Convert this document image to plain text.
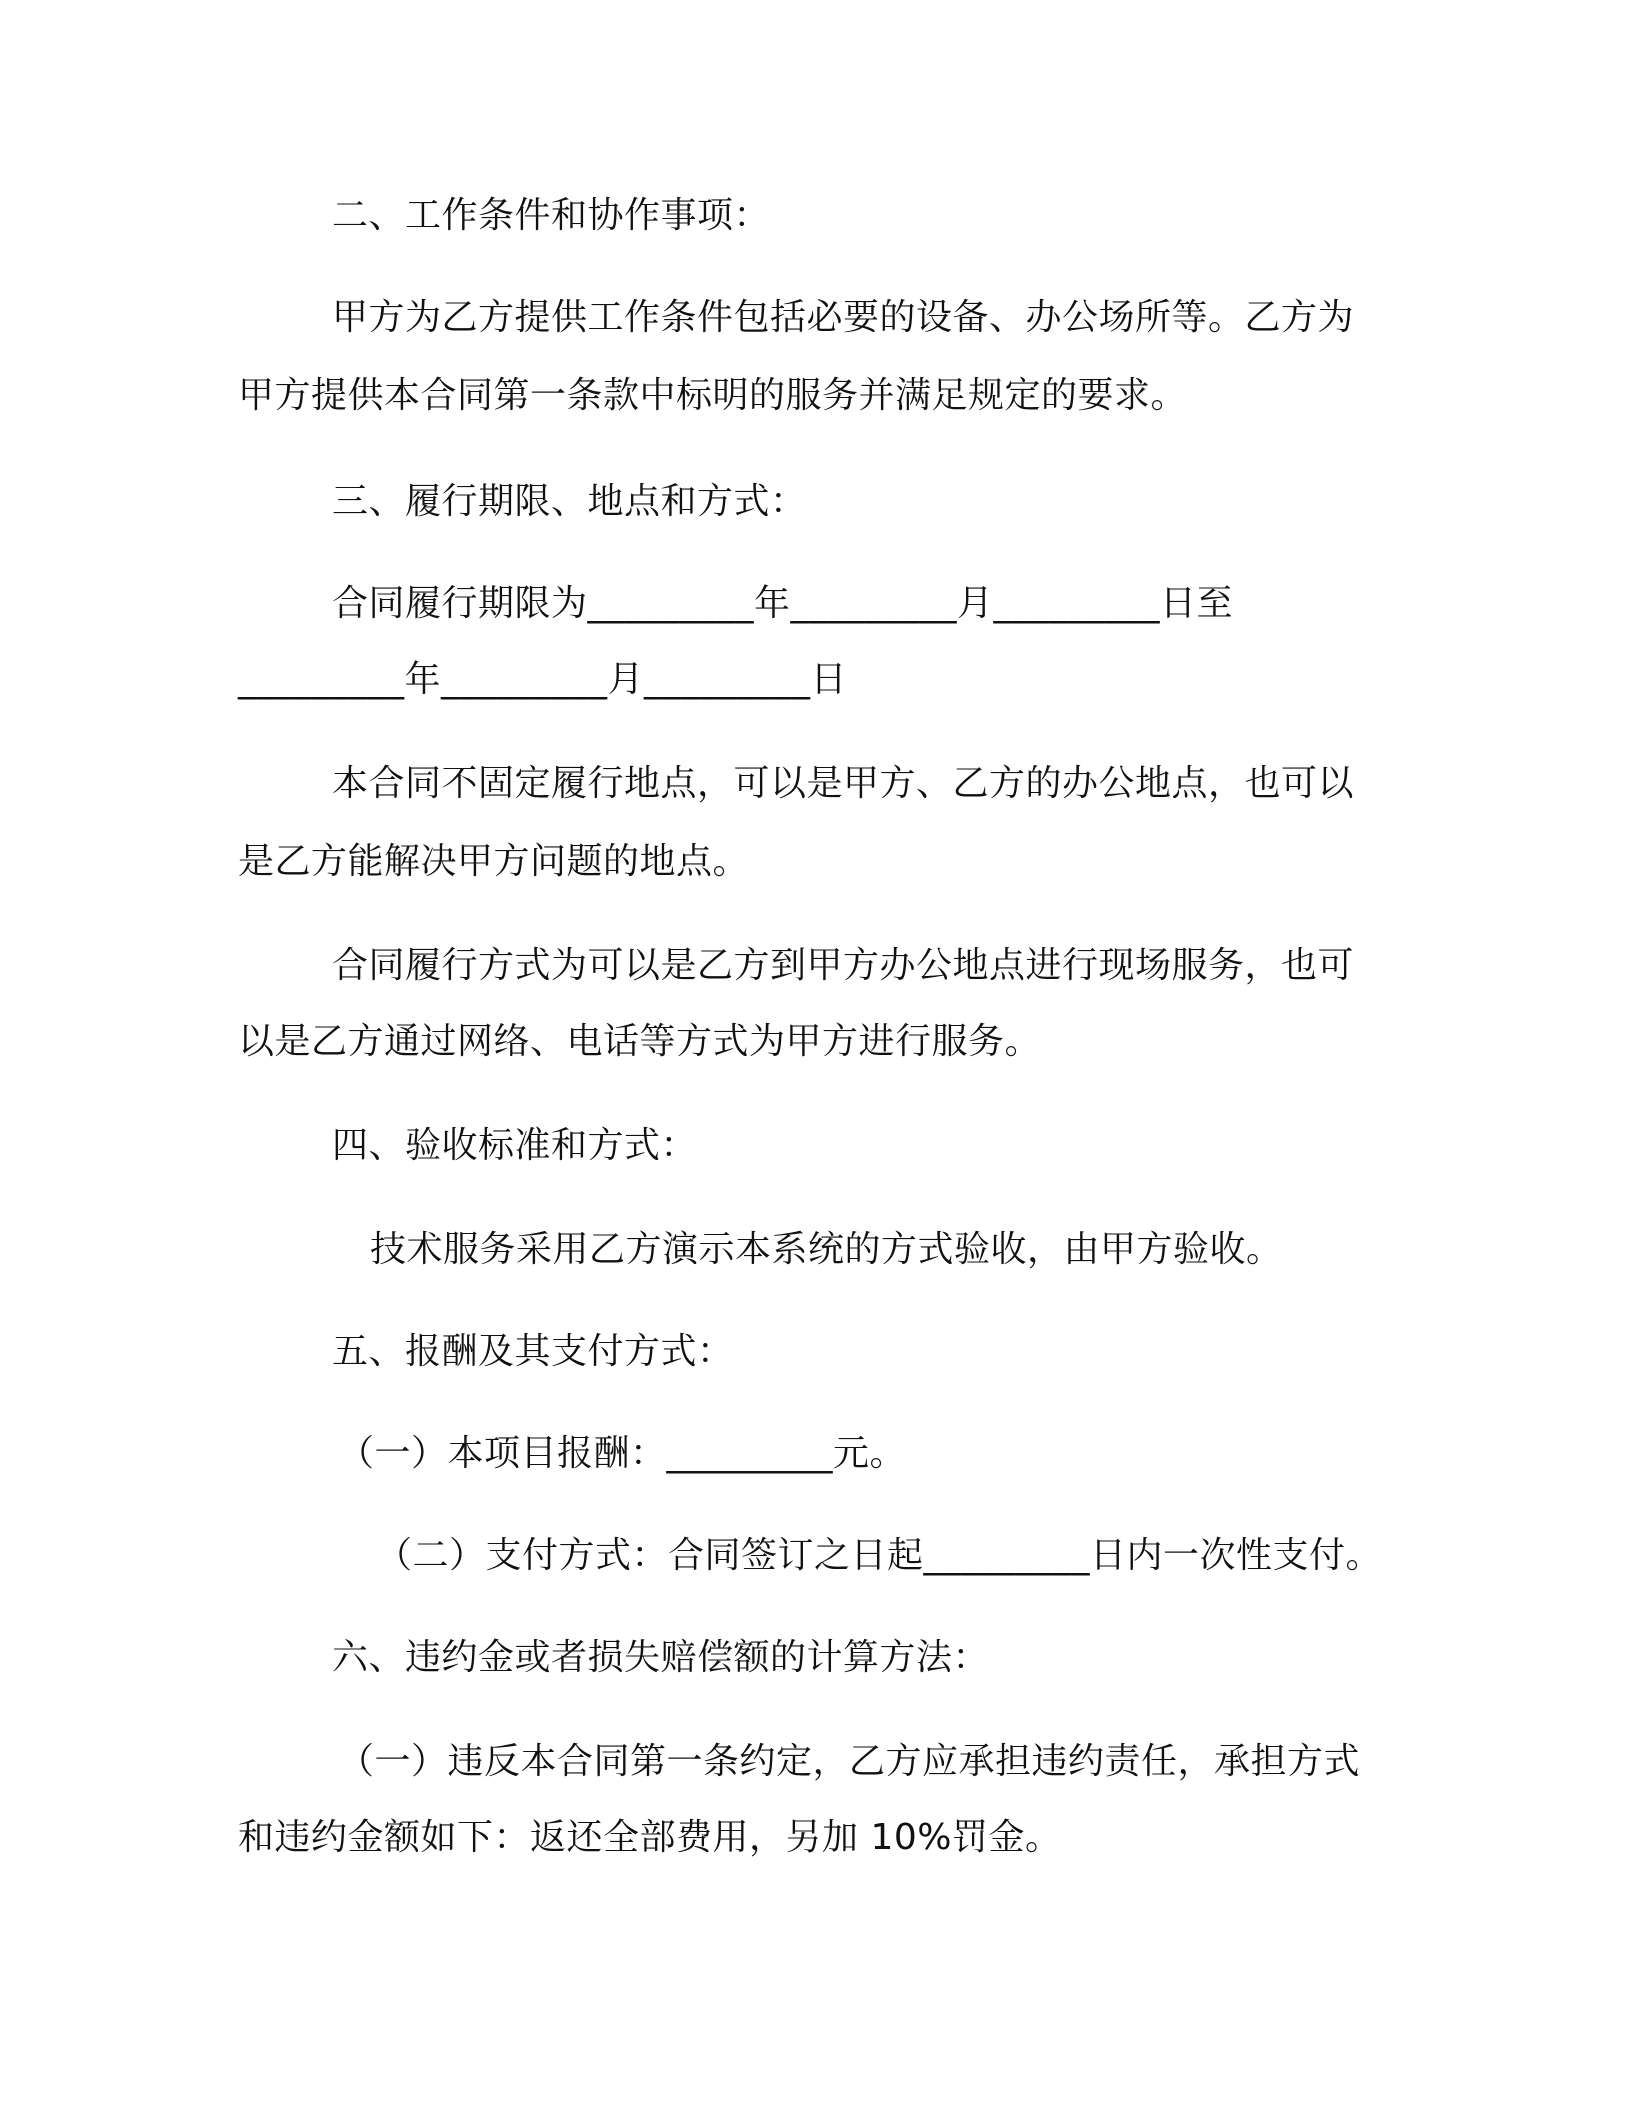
二、工作条件和协作事项：
甲方为乙方提供工作条件包括必要的设备、办公场所等。乙方为
甲方提供本合同第一条款中标明的服务并满足规定的要求。
三、履行期限、地点和方式：
合同履行期限为_________年_________月_________日至
_________年_________月_________日
本合同不固定履行地点，可以是甲方、乙方的办公地点，也可以
是乙方能解决甲方问题的地点。
合同履行方式为可以是乙方到甲方办公地点进行现场服务，也可
以是乙方通过网络、电话等方式为甲方进行服务。
四、验收标准和方式：
技术服务采用乙方演示本系统的方式验收，由甲方验收。
五、报酬及其支付方式：
（一）本项目报酬：_________元。
（二）支付方式：合同签订之日起_________日内一次性支付。
六、违约金或者损失赔偿额的计算方法：
（一）违反本合同第一条约定，乙方应承担违约责任，承担方式
和违约金额如下：返还全部费用，另加 10%罚金。
